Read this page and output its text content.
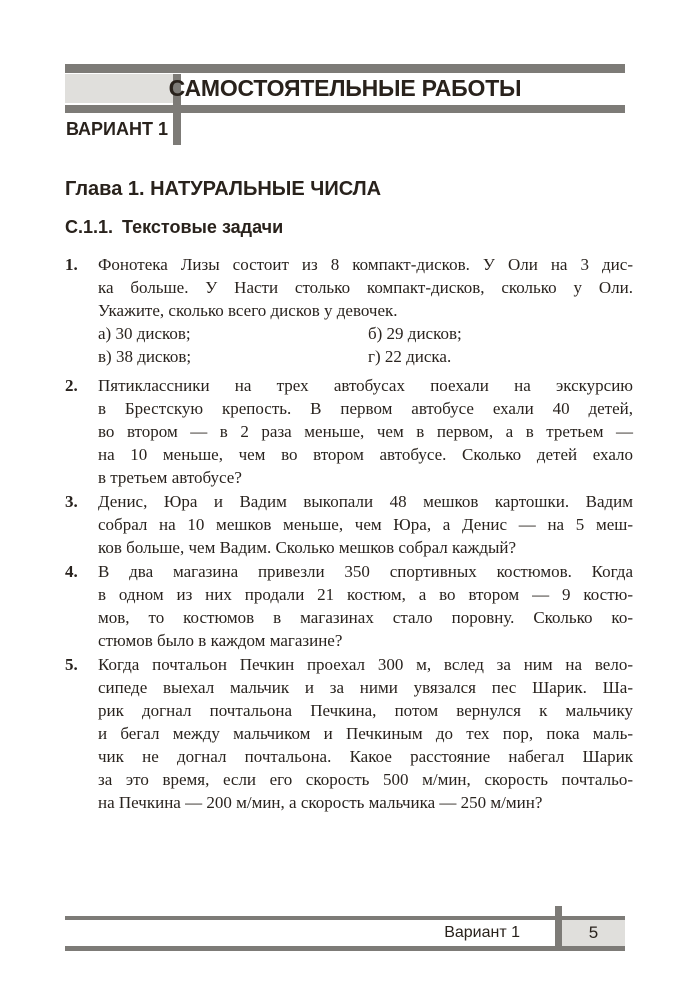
САМОСТОЯТЕЛЬНЫЕ РАБОТЫ
ВАРИАНТ 1
Глава 1. НАТУРАЛЬНЫЕ ЧИСЛА
С.1.1. Текстовые задачи
1.	Фонотека Лизы состоит из 8 компакт-дисков. У Оли на 3 дис-
ка больше. У Насти столько компакт-дисков, сколько у Оли.
Укажите, сколько всего дисков у девочек.
а) 30 дисков;	б) 29 дисков;
в) 38 дисков;	г) 22 диска.
2.	Пятиклассники на трех автобусах поехали на экскурсию
в Брестскую крепость. В первом автобусе ехали 40 детей,
во втором — в 2 раза меньше, чем в первом, а в третьем —
на 10 меньше, чем во втором автобусе. Сколько детей ехало
в третьем автобусе?
3.	Денис, Юра и Вадим выкопали 48 мешков картошки. Вадим
собрал на 10 мешков меньше, чем Юра, а Денис — на 5 меш-
ков больше, чем Вадим. Сколько мешков собрал каждый?
4.	В два магазина привезли 350 спортивных костюмов. Когда
в одном из них продали 21 костюм, а во втором — 9 костю-
мов, то костюмов в магазинах стало поровну. Сколько ко-
стюмов было в каждом магазине?
5.	Когда почтальон Печкин проехал 300 м, вслед за ним на вело-
сипеде выехал мальчик и за ними увязался пес Шарик. Ша-
рик догнал почтальона Печкина, потом вернулся к мальчику
и бегал между мальчиком и Печкиным до тех пор, пока маль-
чик не догнал почтальона. Какое расстояние набегал Шарик
за это время, если его скорость 500 м/мин, скорость почтальо-
на Печкина — 200 м/мин, а скорость мальчика — 250 м/мин?
Вариант 1	5
